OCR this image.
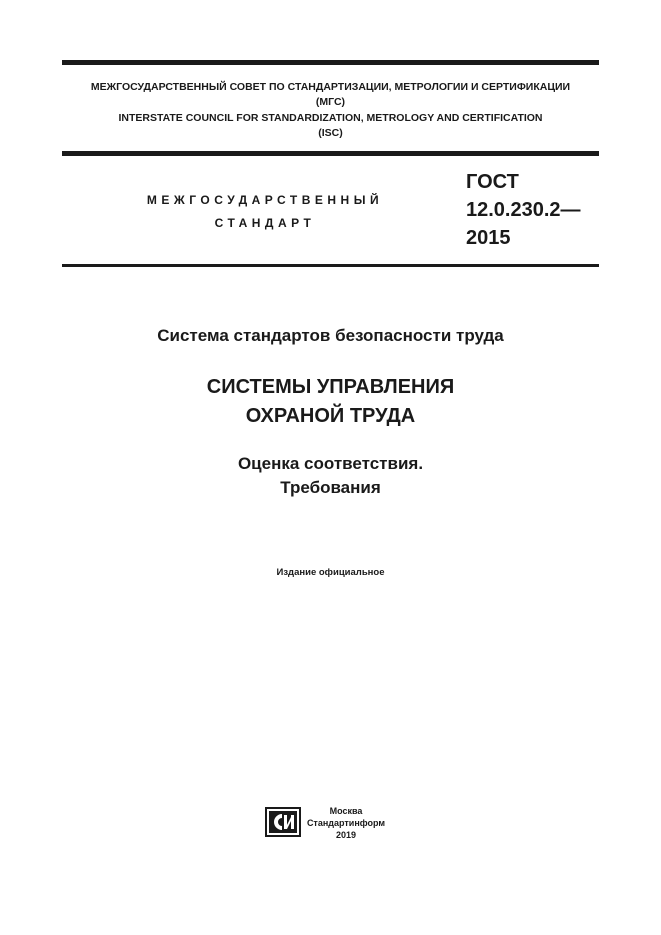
МЕЖГОСУДАРСТВЕННЫЙ СОВЕТ ПО СТАНДАРТИЗАЦИИ, МЕТРОЛОГИИ И СЕРТИФИКАЦИИ
(МГС)
INTERSTATE COUNCIL FOR STANDARDIZATION, METROLOGY AND CERTIFICATION
(ISC)
МЕЖГОСУДАРСТВЕННЫЙ
СТАНДАРТ
ГОСТ
12.0.230.2—
2015
Система стандартов безопасности труда
СИСТЕМЫ УПРАВЛЕНИЯ
ОХРАНОЙ ТРУДА
Оценка соответствия.
Требования
Издание официальное
Москва
Стандартинформ
2019
